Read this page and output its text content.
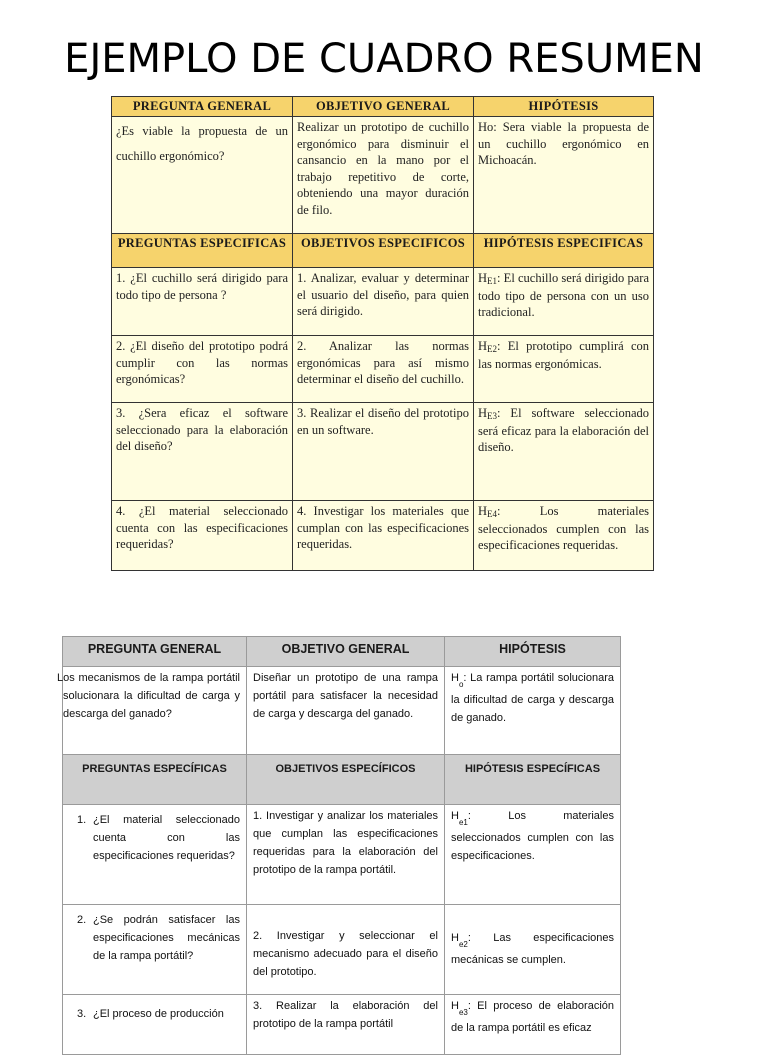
EJEMPLO DE CUADRO RESUMEN
PREGUNTA GENERAL	OBJETIVO GENERAL	HIPÓTESIS
¿Es viable la propuesta de un cuchillo ergonómico?	Realizar un prototipo de cuchillo ergonómico para disminuir el cansancio en la mano por el trabajo repetitivo de corte, obteniendo una mayor duración de filo.	Ho: Sera viable la propuesta de un cuchillo ergonómico en Michoacán.
PREGUNTAS ESPECIFICAS	OBJETIVOS ESPECIFICOS	HIPÓTESIS ESPECIFICAS
1. ¿El cuchillo será dirigido para todo tipo de persona ?	1. Analizar, evaluar y determinar el usuario del diseño, para quien será dirigido.	$H_{E1}$: El cuchillo será dirigido para todo tipo de persona con un uso tradicional.
2. ¿El diseño del prototipo podrá cumplir con las normas ergonómicas?	2. Analizar las normas ergonómicas para así mismo determinar el diseño del cuchillo.	$H_{E2}$: El prototipo cumplirá con las normas ergonómicas.
3. ¿Sera eficaz el software seleccionado para la elaboración del diseño?	3. Realizar el diseño del prototipo en un software.	$H_{E3}$: El software seleccionado será eficaz para la elaboración del diseño.
4. ¿El material seleccionado cuenta con las especificaciones requeridas?	4. Investigar los materiales que cumplan con las especificaciones requeridas.	$H_{E4}$: Los materiales seleccionados cumplen con las especificaciones requeridas.
PREGUNTA GENERAL	OBJETIVO GENERAL	HIPÓTESIS
Los mecanismos de la rampa portátil solucionara la dificultad de carga y descarga del ganado?	Diseñar un prototipo de una rampa portátil para satisfacer la necesidad de carga y descarga del ganado.	$H_o$: La rampa portátil solucionara la dificultad de carga y descarga de ganado.
PREGUNTAS ESPECÍFICAS	OBJETIVOS ESPECÍFICOS	HIPÓTESIS ESPECÍFICAS

1. ¿El material seleccionado cuenta con las especificaciones requeridas?	1. Investigar y analizar los materiales que cumplan las especificaciones requeridas para la elaboración del prototipo de la rampa portátil.	$H_{e1}$: Los materiales seleccionados cumplen con las especificaciones.

2. ¿Se podrán satisfacer las especificaciones mecánicas de la rampa portátil?	2. Investigar y seleccionar el mecanismo adecuado para el diseño del prototipo.	$H_{e2}$: Las especificaciones mecánicas se cumplen.

3. ¿El proceso de producción	3. Realizar la elaboración del prototipo de la rampa portátil	$H_{e3}$: El proceso de elaboración de la rampa portátil es eficaz
